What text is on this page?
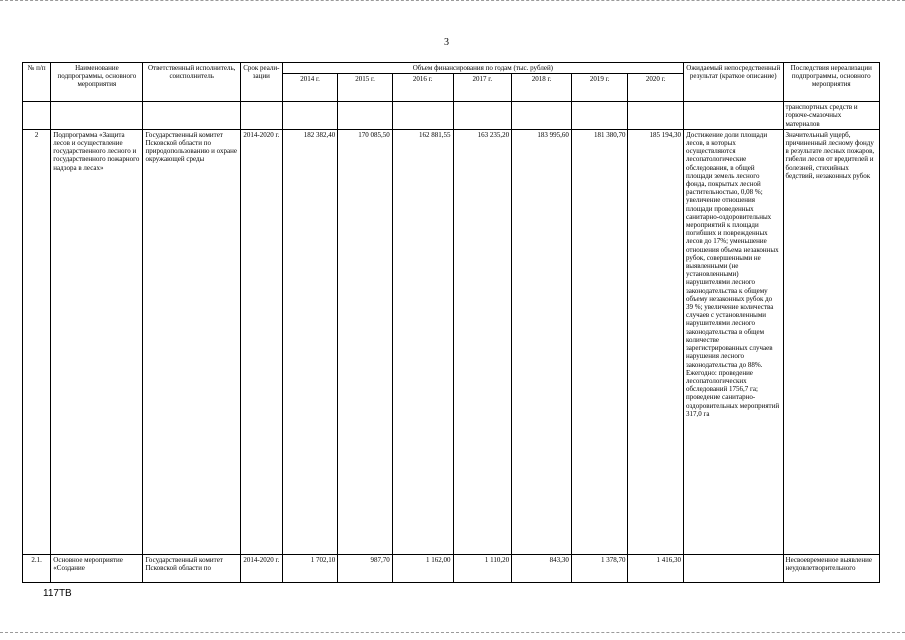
3
№ п/п	Наименование подпрограммы, основного мероприятия	Ответственный исполнитель, соисполнитель	Срок реали-зации	Объем финансирования по годам (тыс. рублей)							Ожидаемый непосредственный результат (краткое описание)	Последствия нереализации подпрограммы, основного мероприятия
				2014 г.	2015 г.	2016 г.	2017 г.	2018 г.	2019 г.	2020 г.		
												транспортных средств и горюче-смазочных материалов
2	Подпрограмма «Защита лесов и осуществление государственного лесного и государственного пожарного надзора в лесах»	Государственный комитет Псковской области по природопользованию и охране окружающей среды	2014-2020 г.	182 382,40	170 085,50	162 881,55	163 235,20	183 995,60	181 380,70	185 194,30	Достижение доли площади лесов, в которых осуществляются лесопатологические обследования, в общей площади земель лесного фонда, покрытых лесной растительностью, 0,08 %; увеличение отношения площади проведенных санитарно-оздоровительных мероприятий к площади погибших и поврежденных лесов до 17%; уменьшение отношения объема незаконных рубок, совершенными не выявленными (не установленными) нарушителями лесного законодательства к общему объему незаконных рубок до 39 %; увеличение количества случаев с установленными нарушителями лесного законодательства в общем количестве зарегистрированных случаев нарушения лесного законодательства до 88%. Ежегодно: проведение лесопатологических обследований 1756,7 га; проведение санитарно-оздоровительных мероприятий 317,0 га	Значительный ущерб, причиненный лесному фонду в результате лесных пожаров, гибели лесов от вредителей и болезней, стихийных бедствий, незаконных рубок
2.1.	Основное мероприятие «Создание	Государственный комитет Псковской области по	2014-2020 г.	1 702,10	987,70	1 162,00	1 110,20	843,30	1 378,70	1 416,30		Несвоевременное выявление неудовлетворительного
117ТВ
